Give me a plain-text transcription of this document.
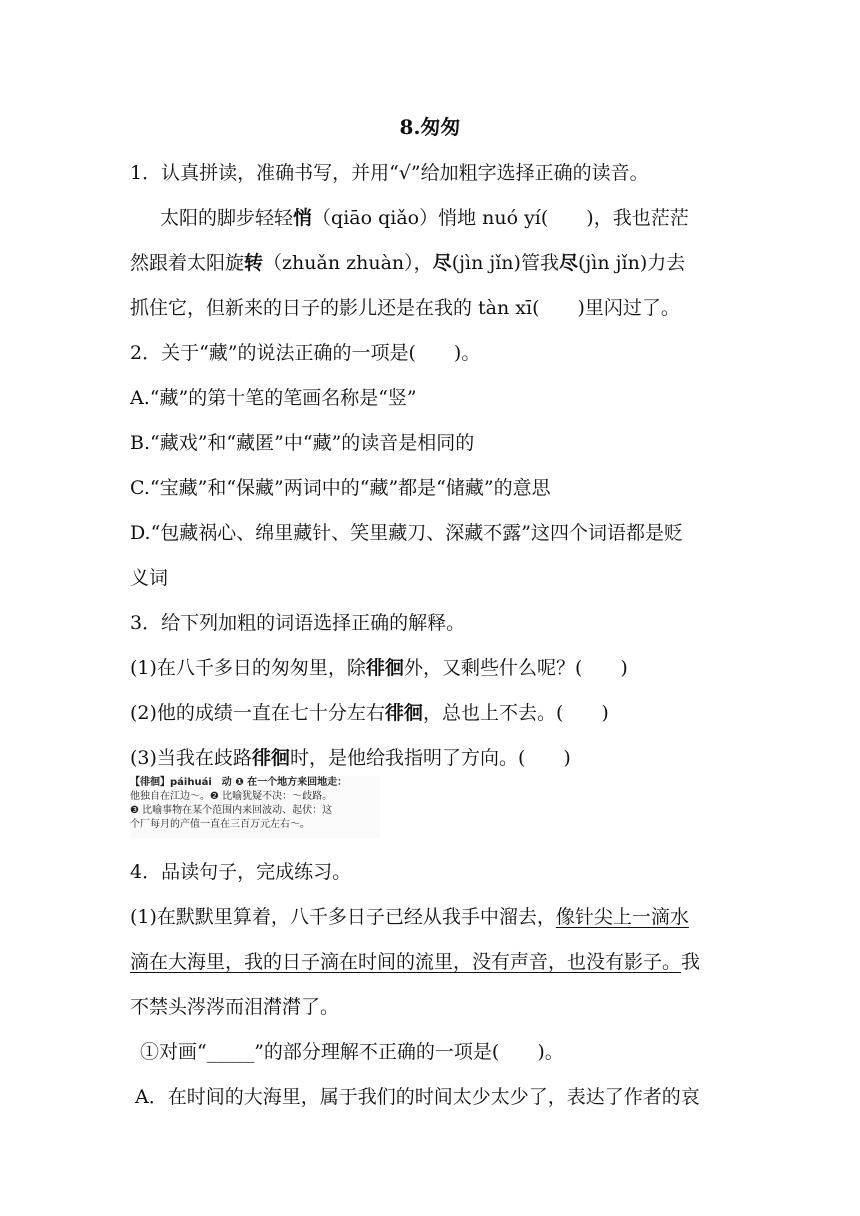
8.匆匆
1．认真拼读，准确书写，并用“√”给加粗字选择正确的读音。
太阳的脚步轻轻悄（qiāo qiǎo）悄地 nuó yí(　　)，我也茫茫
然跟着太阳旋转（zhuǎn zhuàn），尽(jìn jǐn)管我尽(jìn jǐn)力去
抓住它，但新来的日子的影儿还是在我的 tàn xī(　　)里闪过了。
2．关于“藏”的说法正确的一项是(　　)。
A.“藏”的第十笔的笔画名称是“竖”
B.“藏戏”和“藏匿”中“藏”的读音是相同的
C.“宝藏”和“保藏”两词中的“藏”都是“储藏”的意思
D.“包藏祸心、绵里藏针、笑里藏刀、深藏不露”这四个词语都是贬
义词
3．给下列加粗的词语选择正确的解释。
(1)在八千多日的匆匆里，除徘徊外，又剩些什么呢？(　　)
(2)他的成绩一直在七十分左右徘徊，总也上不去。(　　)
(3)当我在歧路徘徊时，是他给我指明了方向。(　　)
【徘徊】páihuái　动 ❶ 在一个地方来回地走：
他独自在江边～。❷ 比喻犹疑不决：～歧路。
❸ 比喻事物在某个范围内来回波动、起伏：这
个厂每月的产值一直在三百万元左右～。
4．品读句子，完成练习。
(1)在默默里算着，八千多日子已经从我手中溜去，像针尖上一滴水
滴在大海里，我的日子滴在时间的流里，没有声音，也没有影子。我
不禁头涔涔而泪潸潸了。
①对画“_____”的部分理解不正确的一项是(　　)。
A．在时间的大海里，属于我们的时间太少太少了，表达了作者的哀
